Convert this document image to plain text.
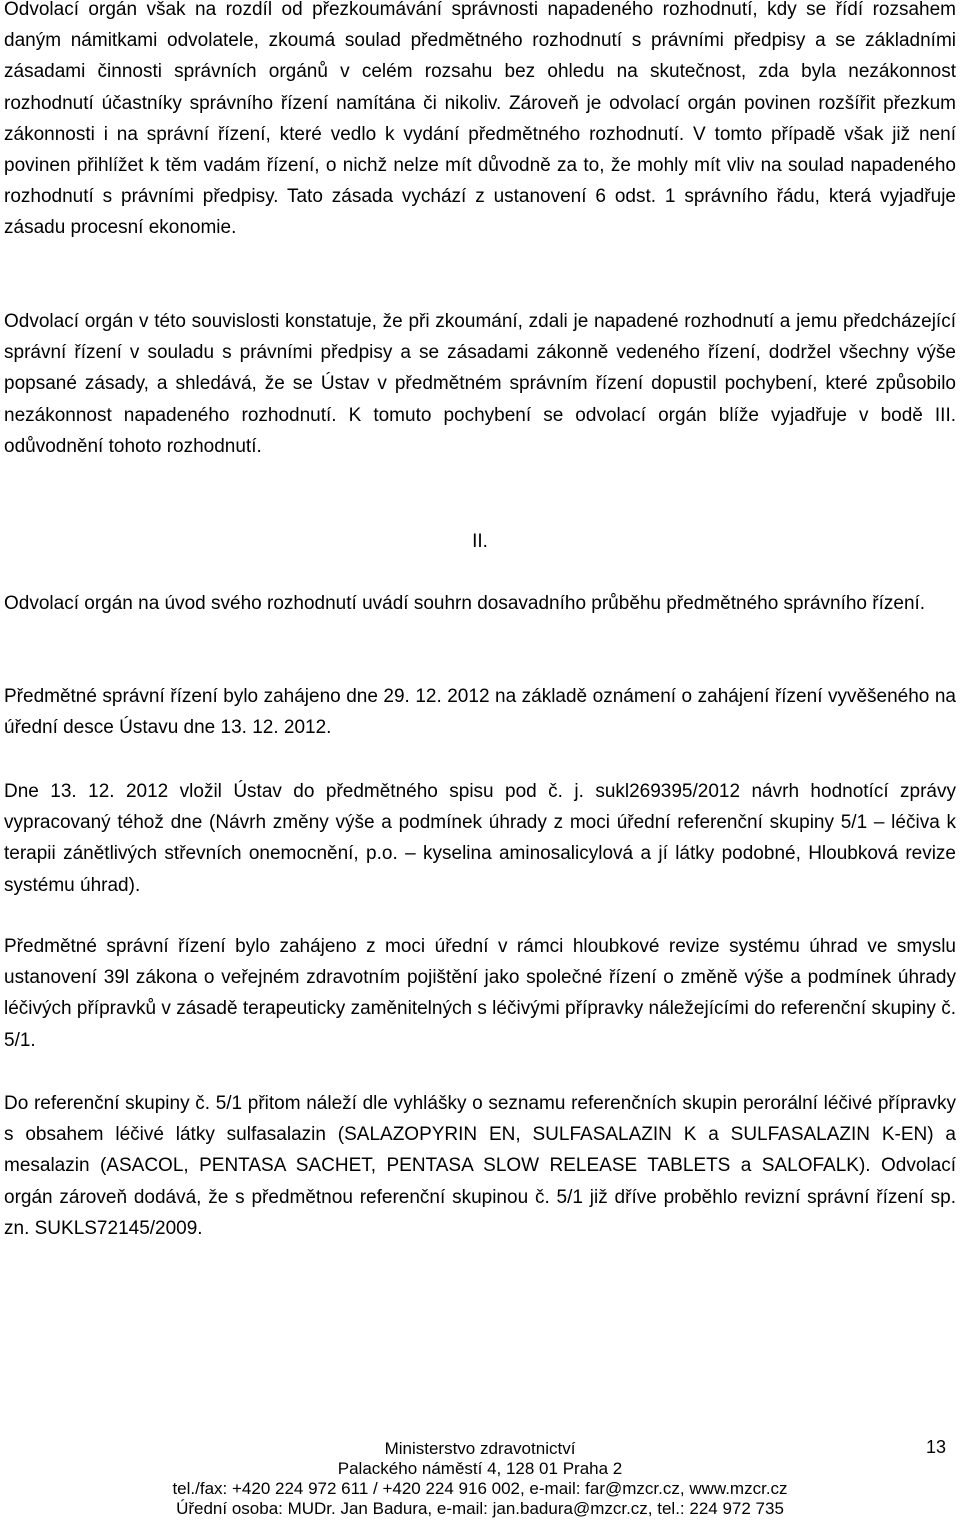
Odvolací orgán však na rozdíl od přezkoumávání správnosti napadeného rozhodnutí, kdy se řídí rozsahem daným námitkami odvolatele, zkoumá soulad předmětného rozhodnutí s právními předpisy a se základními zásadami činnosti správních orgánů v celém rozsahu bez ohledu na skutečnost, zda byla nezákonnost rozhodnutí účastníky správního řízení namítána či nikoliv. Zároveň je odvolací orgán povinen rozšířit přezkum zákonnosti i na správní řízení, které vedlo k vydání předmětného rozhodnutí. V tomto případě však již není povinen přihlížet k těm vadám řízení, o nichž nelze mít důvodně za to, že mohly mít vliv na soulad napadeného rozhodnutí s právními předpisy. Tato zásada vychází z ustanovení 6 odst. 1 správního řádu, která vyjadřuje zásadu procesní ekonomie.

Odvolací orgán v této souvislosti konstatuje, že při zkoumání, zdali je napadené rozhodnutí a jemu předcházející správní řízení v souladu s právními předpisy a se zásadami zákonně vedeného řízení, dodržel všechny výše popsané zásady, a shledává, že se Ústav v předmětném správním řízení dopustil pochybení, které způsobilo nezákonnost napadeného rozhodnutí. K tomuto pochybení se odvolací orgán blíže vyjadřuje v bodě III. odůvodnění tohoto rozhodnutí.

II.

Odvolací orgán na úvod svého rozhodnutí uvádí souhrn dosavadního průběhu předmětného správního řízení.

Předmětné správní řízení bylo zahájeno dne 29. 12. 2012 na základě oznámení o zahájení řízení vyvěšeného na úřední desce Ústavu dne 13. 12. 2012.

Dne 13. 12. 2012 vložil Ústav do předmětného spisu pod č. j. sukl269395/2012 návrh hodnotící zprávy vypracovaný téhož dne (Návrh změny výše a podmínek úhrady z moci úřední referenční skupiny 5/1 – léčiva k terapii zánětlivých střevních onemocnění, p.o. – kyselina aminosalicylová a jí látky podobné, Hloubková revize systému úhrad).

Předmětné správní řízení bylo zahájeno z moci úřední v rámci hloubkové revize systému úhrad ve smyslu ustanovení 39l zákona o veřejném zdravotním pojištění jako společné řízení o změně výše a podmínek úhrady léčivých přípravků v zásadě terapeuticky zaměnitelných s léčivými přípravky náležejícími do referenční skupiny č. 5/1.

Do referenční skupiny č. 5/1 přitom náleží dle vyhlášky o seznamu referenčních skupin perorální léčivé přípravky s obsahem léčivé látky sulfasalazin (SALAZOPYRIN EN, SULFASALAZIN K a SULFASALAZIN K-EN) a mesalazin (ASACOL, PENTASA SACHET, PENTASA SLOW RELEASE TABLETS a SALOFALK). Odvolací orgán zároveň dodává, že s předmětnou referenční skupinou č. 5/1 již dříve proběhlo revizní správní řízení sp. zn. SUKLS72145/2009.

Ministerstvo zdravotnictví
Palackého náměstí 4, 128 01 Praha 2
tel./fax: +420 224 972 611 / +420 224 916 002, e-mail: far@mzcr.cz, www.mzcr.cz
Úřední osoba: MUDr. Jan Badura, e-mail: jan.badura@mzcr.cz, tel.: 224 972 735
13
